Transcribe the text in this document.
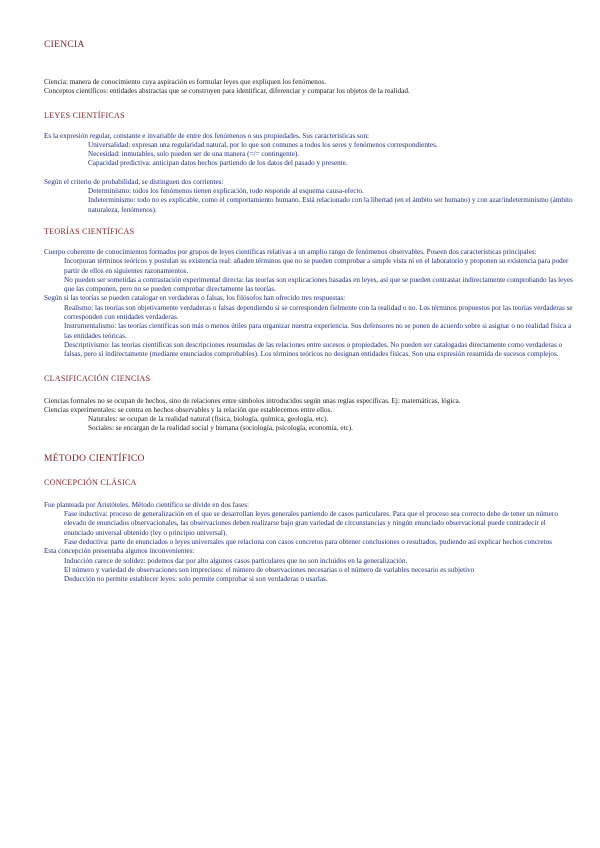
CIENCIA

Ciencia: manera de conocimiento cuya aspiración es formular leyes que expliquen los fenómenos.

Conceptos científicos: entidades abstractas que se construyen para identificar, diferenciar y comparar los objetos de la realidad.

LEYES CIENTÍFICAS

Es la expresión regular, constante e invariable de entre dos fenómenos o sus propiedades. Sus características son:

Universalidad: expresan una regularidad natural, por lo que son comunes a todos los seres y fenómenos correspondientes.

Necesidad: inmutables, solo pueden ser de una manera (=/= contingente).

Capacidad predictiva: anticipan datos hechos partiendo de los datos del pasado y presente.

Según el criterio de probabilidad, se distinguen dos corrientes:

Determinismo: todos los fenómenos tienen explicación, todo responde al esquema causa-efecto.

Indeterminismo: todo no es explicable, como el comportamiento humano. Está relacionado con la libertad (en el ámbito ser humano) y con azar/indeterminismo (ámbito naturaleza, fenómenos).

TEORÍAS CIENTÍFICAS

Cuerpo coherente de conocimientos formados por grupos de leyes científicas relativas a un amplio rango de fenómenos observables. Poseen dos características principales:

Incorporan términos teóricos y postulan su existencia real: añaden términos que no se pueden comprobar a simple vista ni en el laboratorio y proponen su existencia para poder partir de ellos en siguientes razonamientos.

No pueden ser sometidas a contrastación experimental directa: las teorías son explicaciones basadas en leyes, así que se pueden contrastar indirectamente comprobando las leyes que las componen, pero no se pueden comprobar directamente las teorías.

Según si las teorías se pueden catalogar en verdaderas o falsas, los filósofos han ofrecido tres respuestas:

Realismo: las teorías son objetivamente verdaderas o falsas dependiendo si se corresponden fielmente con la realidad o no. Los términos propuestos por las teorías verdaderas se corresponden con entidades verdaderas.

Instrumentalismo: las teorías científicas son más o menos útiles para organizar nuestra experiencia. Sus defensores no se ponen de acuerdo sobre si asignar o no realidad física a las entidades teóricas.

Descriptivismo: las teorías científicas son descripciones resumidas de las relaciones entre sucesos o propiedades. No pueden ser catalogadas directamente como verdaderas o falsas, pero sí indirectamente (mediante enunciados comprobables). Los términos teóricos no designan entidades físicas. Son una expresión resumida de sucesos complejos.

CLASIFICACIÓN CIENCIAS

Ciencias formales no se ocupan de hechos, sino de relaciones entre símbolos introducidos según unas reglas específicas. Ej: matemáticas, lógica.

Ciencias experimentales: se centra en hechos observables y la relación que establecemos entre ellos.

Naturales: se ocupan de la realidad natural (física, biología, química, geología, etc).

Sociales: se encargan de la realidad social y humana (sociología, psicología, economía, etc).

MÉTODO CIENTÍFICO
CONCEPCIÓN CLÁSICA

Fue planteada por Aristóteles. Método científico se divide en dos fases:

Fase inductiva: proceso de generalización en el que se desarrollan leyes generales partiendo de casos particulares. Para que el proceso sea correcto debe de tener un número elevado de enunciados observacionales, las observaciones deben realizarse bajo gran variedad de circunstancias y ningún enunciado observacional puede contradecir el enunciado universal obtenido (ley o principio universal).

Fase deductiva: parte de enunciados o leyes universales que relaciona con casos concretos para obtener conclusiones o resultados, pudiendo así explicar hechos concretos

Esta concepción presentaba algunos inconvenientes:

Inducción carece de solidez: podemos dar por alto algunos casos particulares que no son incluidos en la generalización.

El número y variedad de observaciones son imprecisos: el número de observaciones necesarias o el número de variables necesario es subjetivo

Deducción no permite establecer leyes: solo permite comprobar si son verdaderas o usarlas.
